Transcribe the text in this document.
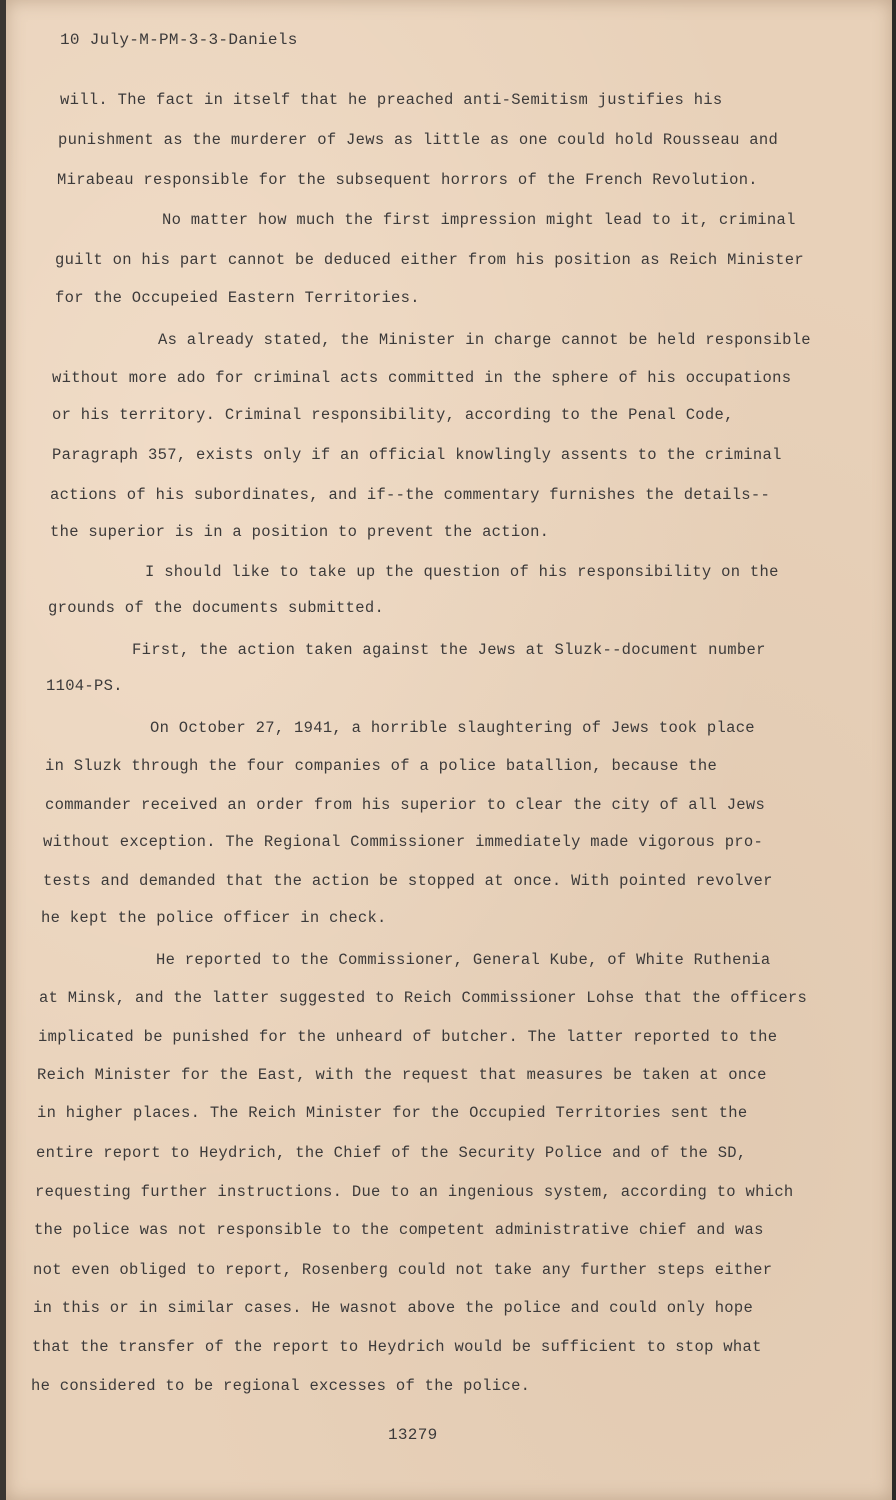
10 July-M-PM-3-3-Daniels
will. The fact in itself that he preached anti-Semitism justifies his
punishment as the murderer of Jews as little as one could hold Rousseau and
Mirabeau responsible for the subsequent horrors of the French Revolution.
No matter how much the first impression might lead to it, criminal
guilt on his part cannot be deduced either from his position as Reich Minister
for the Occupeied Eastern Territories.
As already stated, the Minister in charge cannot be held responsible
without more ado for criminal acts committed in the sphere of his occupations
or his territory. Criminal responsibility, according to the Penal Code,
Paragraph 357, exists only if an official knowlingly assents to the criminal
actions of his subordinates, and if--the commentary furnishes the details--
the superior is in a position to prevent the action.
I should like to take up the question of his responsibility on the
grounds of the documents submitted.
First, the action taken against the Jews at Sluzk--document number
1104-PS.
On October 27, 1941, a horrible slaughtering of Jews took place
in Sluzk through the four companies of a police batallion, because the
commander received an order from his superior to clear the city of all Jews
without exception. The Regional Commissioner immediately made vigorous pro-
tests and demanded that the action be stopped at once. With pointed revolver
he kept the police officer in check.
He reported to the Commissioner, General Kube, of White Ruthenia
at Minsk, and the latter suggested to Reich Commissioner Lohse that the officers
implicated be punished for the unheard of butcher. The latter reported to the
Reich Minister for the East, with the request that measures be taken at once
in higher places. The Reich Minister for the Occupied Territories sent the
entire report to Heydrich, the Chief of the Security Police and of the SD,
requesting further instructions. Due to an ingenious system, according to which
the police was not responsible to the competent administrative chief and was
not even obliged to report, Rosenberg could not take any further steps either
in this or in similar cases. He wasnot above the police and could only hope
that the transfer of the report to Heydrich would be sufficient to stop what
he considered to be regional excesses of the police.
13279
